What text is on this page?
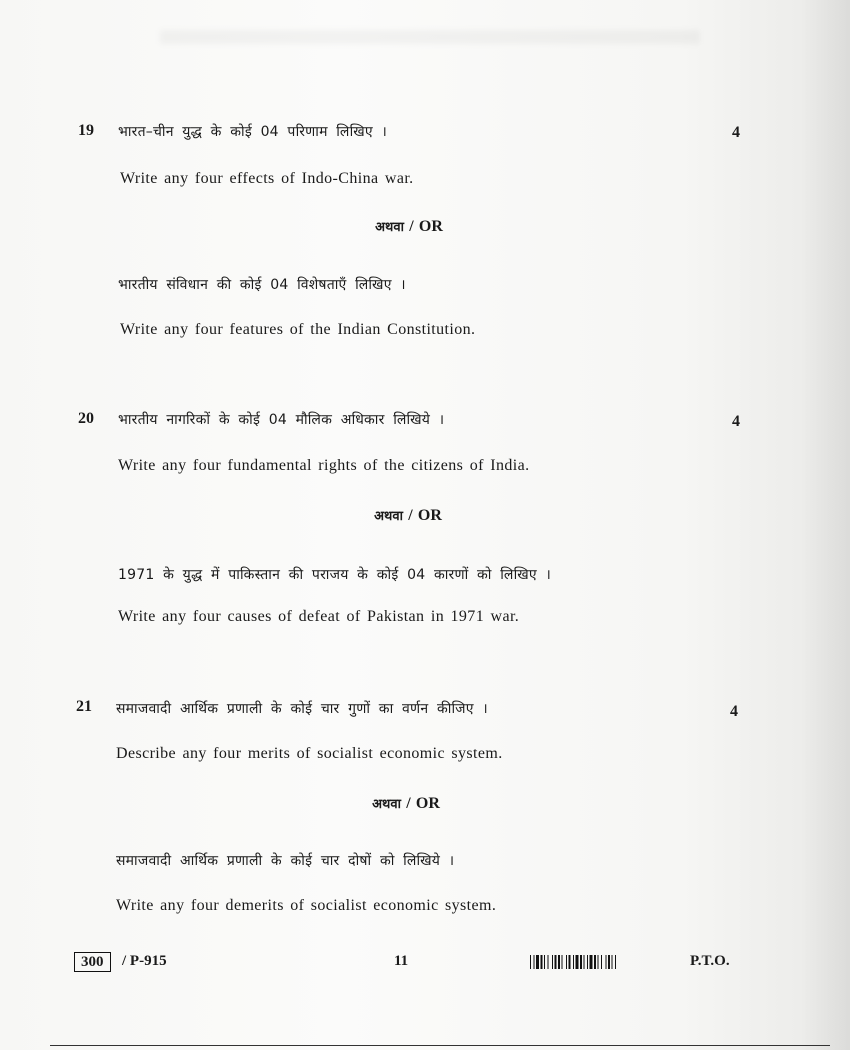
19	4
भारत–चीन युद्ध के कोई 04 परिणाम लिखिए ।
Write any four effects of Indo-China war.
अथवा / OR
भारतीय संविधान की कोई 04 विशेषताएँ लिखिए ।
Write any four features of the Indian Constitution.
20	4
भारतीय नागरिकों के कोई 04 मौलिक अधिकार लिखिये ।
Write any four fundamental rights of the citizens of India.
अथवा / OR
1971 के युद्ध में पाकिस्तान की पराजय के कोई 04 कारणों को लिखिए ।
Write any four causes of defeat of Pakistan in 1971 war.
21	4
समाजवादी आर्थिक प्रणाली के कोई चार गुणों का वर्णन कीजिए ।
Describe any four merits of socialist economic system.
अथवा / OR
समाजवादी आर्थिक प्रणाली के कोई चार दोषों को लिखिये ।
Write any four demerits of socialist economic system.
300	/ P-915	11	P.T.O.
